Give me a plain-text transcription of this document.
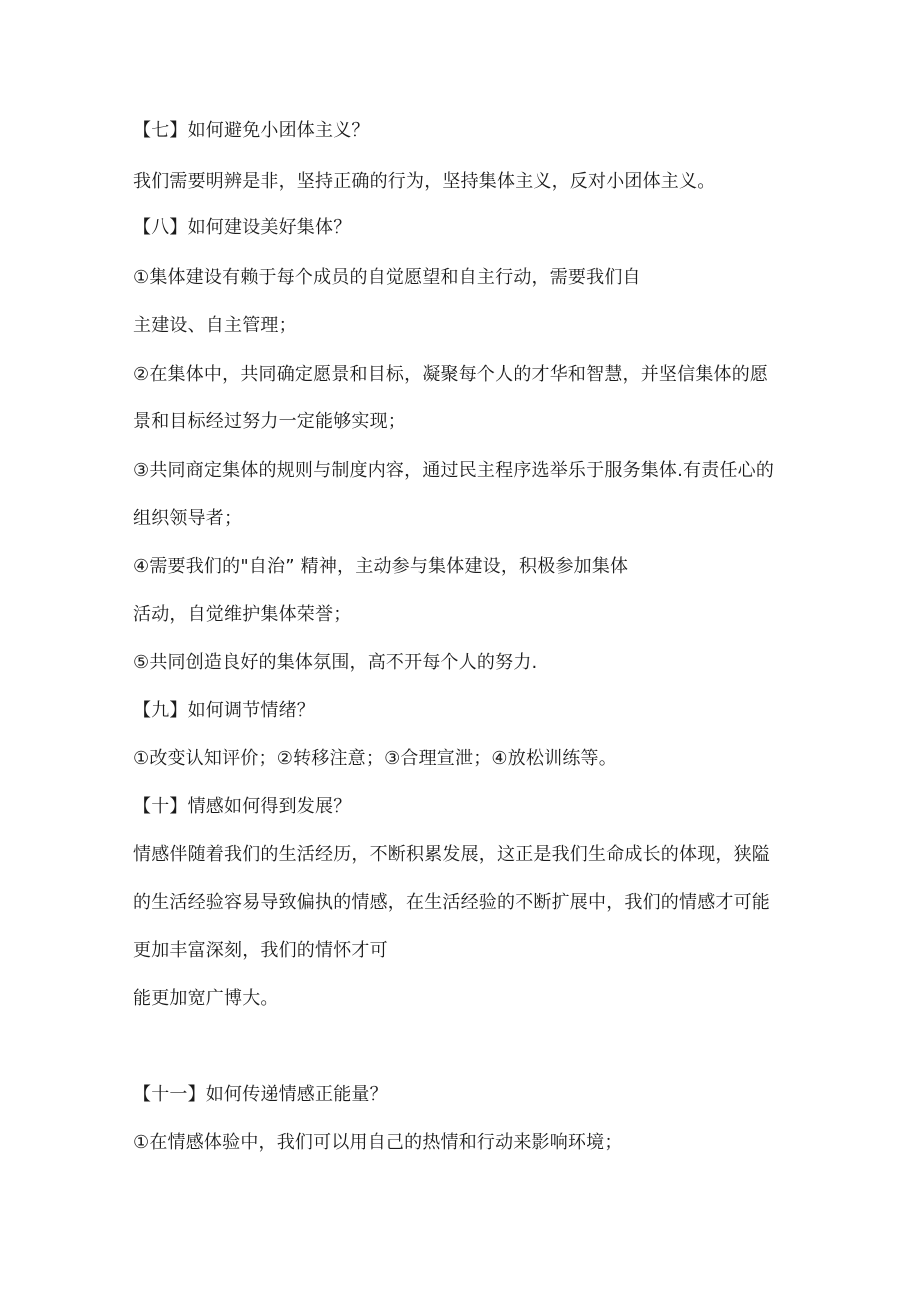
【七】如何避免小团体主义？
我们需要明辨是非，坚持正确的行为，坚持集体主义，反对小团体主义。
【八】如何建设美好集体？
①集体建设有赖于每个成员的自觉愿望和自主行动，需要我们自
主建设、自主管理；
②在集体中，共同确定愿景和目标，凝聚每个人的才华和智慧，并坚信集体的愿
景和目标经过努力一定能够实现；
③共同商定集体的规则与制度内容，通过民主程序选举乐于服务集体.有责任心的
组织领导者；
④需要我们的"自治” 精神，主动参与集体建设，积极参加集体
活动，自觉维护集体荣誉；
⑤共同创造良好的集体氛围，高不开每个人的努力.
【九】如何调节情绪？
①改变认知评价；②转移注意；③合理宣泄；④放松训练等。
【十】情感如何得到发展？
情感伴随着我们的生活经历，不断积累发展，这正是我们生命成长的体现，狭隘
的生活经验容易导致偏执的情感，在生活经验的不断扩展中，我们的情感才可能
更加丰富深刻，我们的情怀才可
能更加宽广博大。
【十一】如何传递情感正能量？
①在情感体验中，我们可以用自己的热情和行动来影响环境；
